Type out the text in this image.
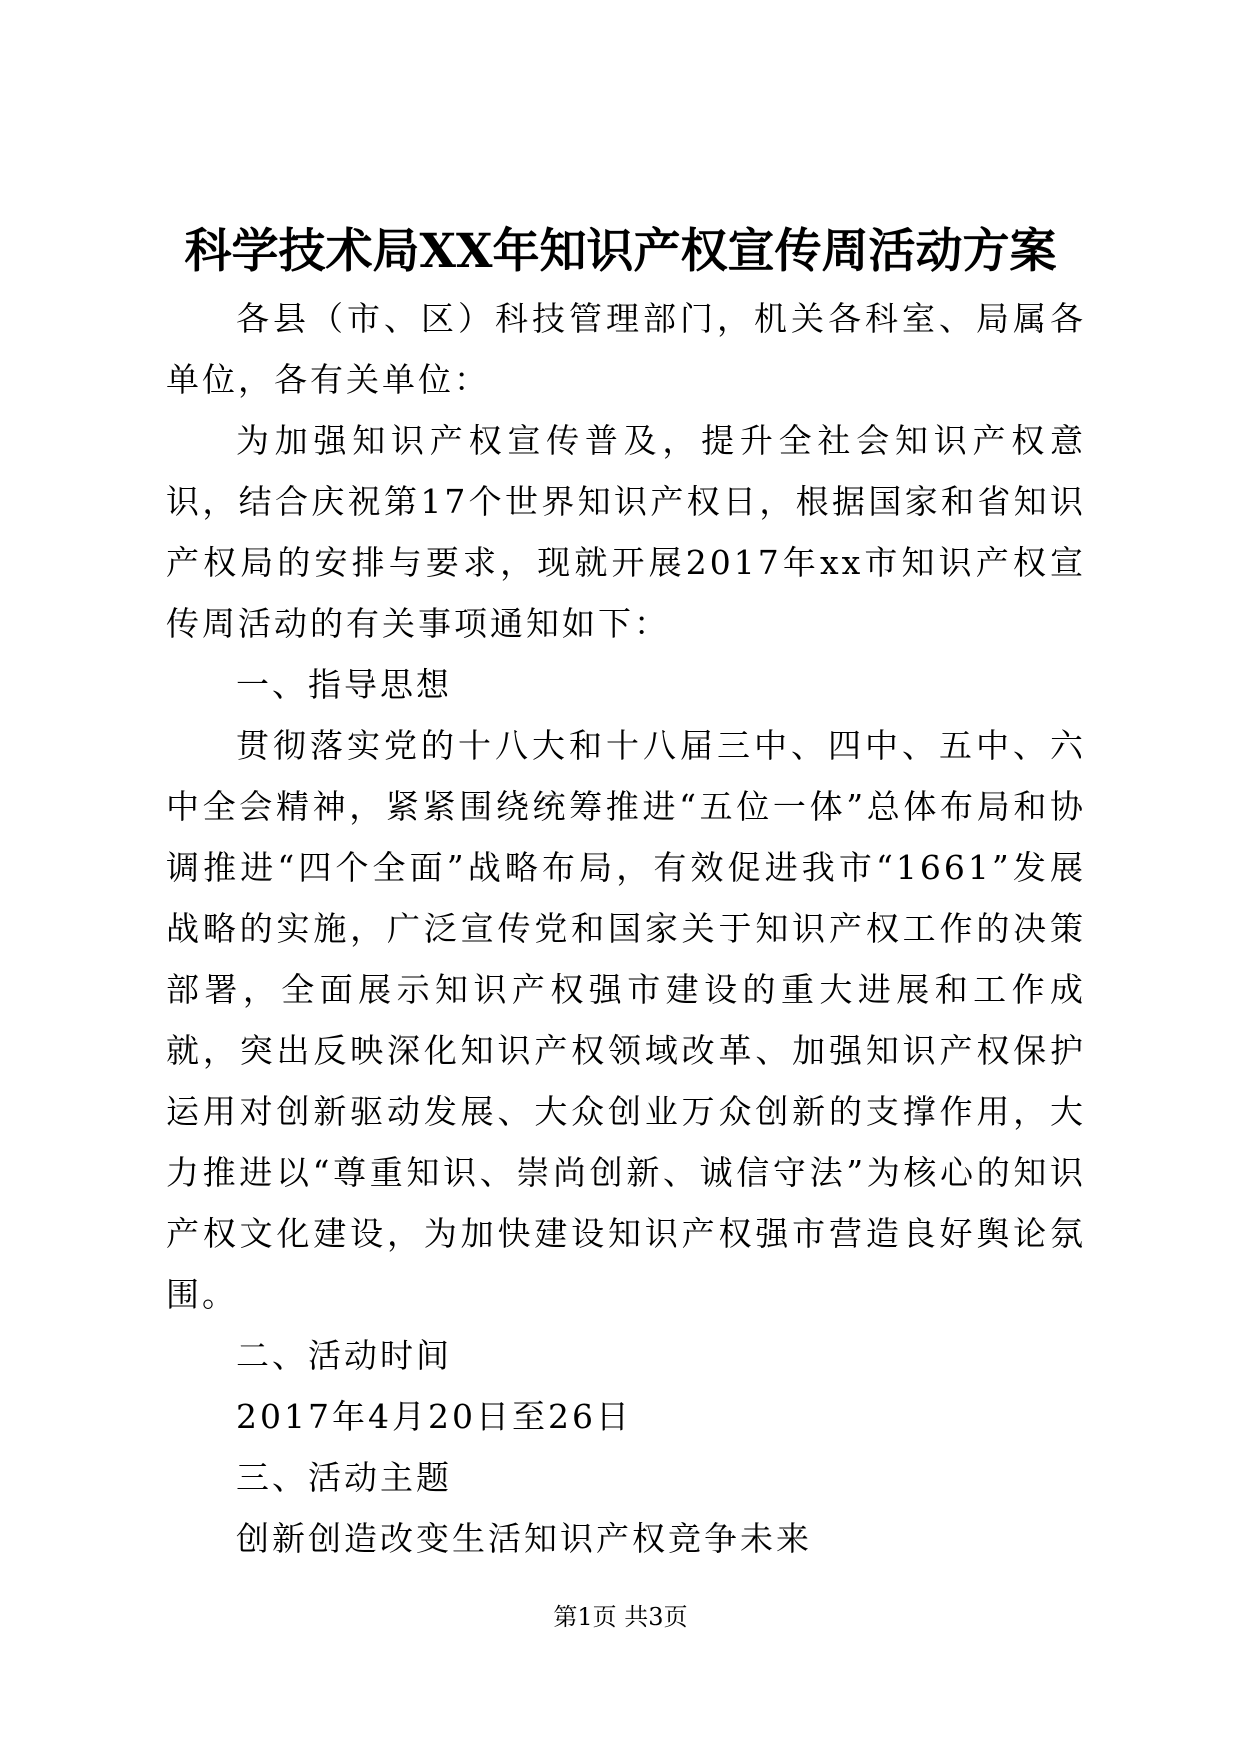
科学技术局XX年知识产权宣传周活动方案

各县（市、区）科技管理部门，机关各科室、局属各单位，各有关单位：

为加强知识产权宣传普及，提升全社会知识产权意识，结合庆祝第17个世界知识产权日，根据国家和省知识产权局的安排与要求，现就开展2017年xx市知识产权宣传周活动的有关事项通知如下：

一、指导思想

贯彻落实党的十八大和十八届三中、四中、五中、六中全会精神，紧紧围绕统筹推进“五位一体”总体布局和协调推进“四个全面”战略布局，有效促进我市“1661”发展战略的实施，广泛宣传党和国家关于知识产权工作的决策部署，全面展示知识产权强市建设的重大进展和工作成就，突出反映深化知识产权领域改革、加强知识产权保护运用对创新驱动发展、大众创业万众创新的支撑作用，大力推进以“尊重知识、崇尚创新、诚信守法”为核心的知识产权文化建设，为加快建设知识产权强市营造良好舆论氛围。

二、活动时间

2017年4月20日至26日

三、活动主题

创新创造改变生活知识产权竞争未来

第1页 共3页
